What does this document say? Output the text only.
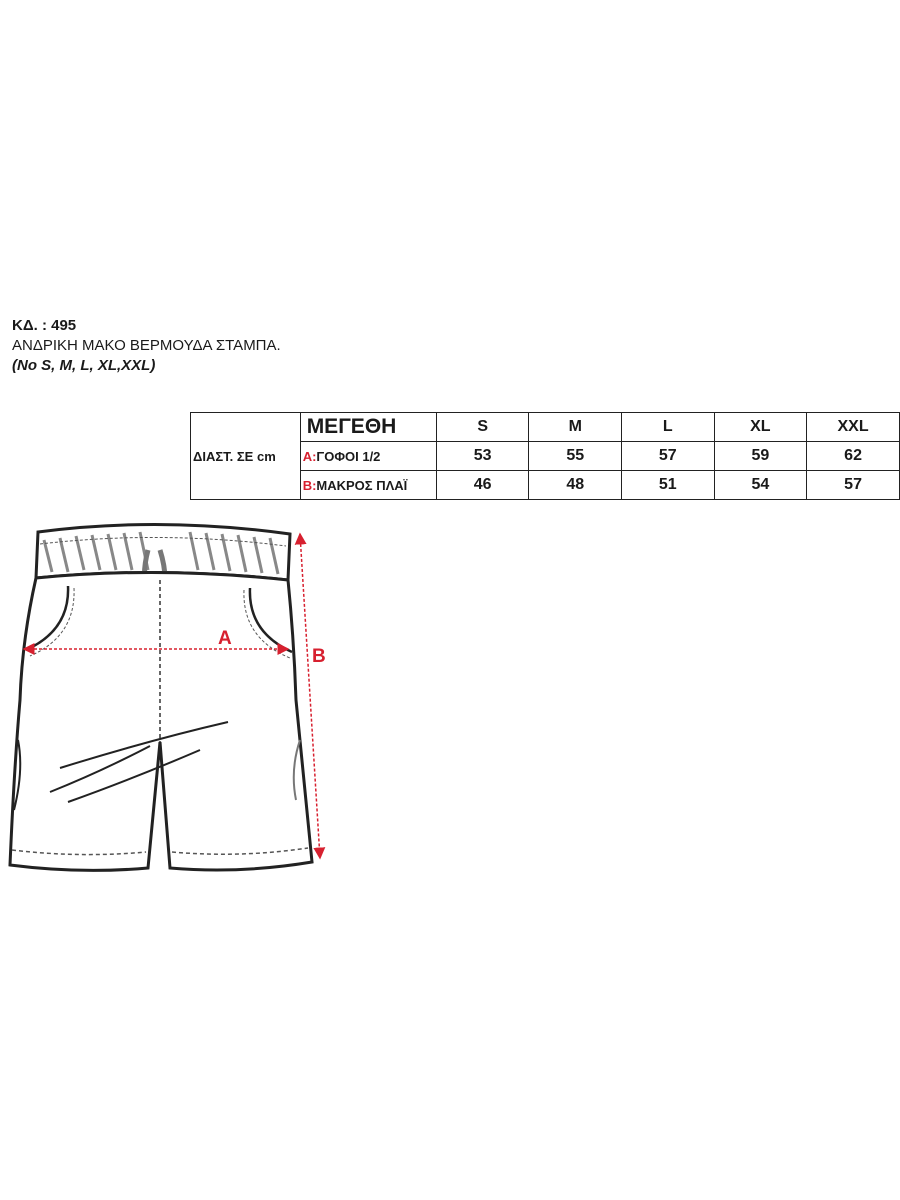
ΚΔ. : 495
ΑΝΔΡΙΚΗ ΜΑΚΟ ΒΕΡΜΟΥΔΑ ΣΤΑΜΠΑ.
(No S, M, L, XL,XXL)
ΔΙΑΣΤ. ΣΕ cm	ΜΕΓΕΘΗ	S	M	L	XL	XXL
	A:ΓΟΦΟΙ 1/2	53	55	57	59	62
	B:ΜΑΚΡΟΣ ΠΛΑΪ	46	48	51	54	57
A
B
